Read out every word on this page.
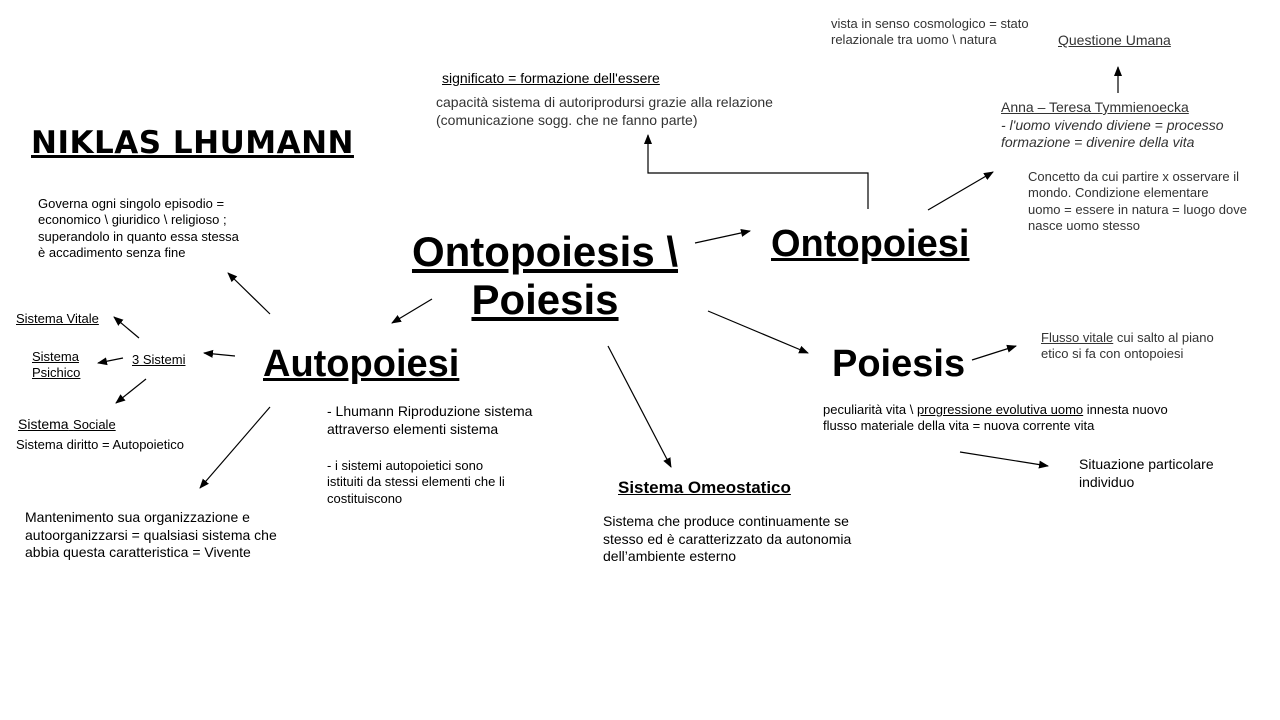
NIKLAS LHUMANN
Ontopoiesis \
Poiesis
Ontopoiesi
vista in senso cosmologico = stato
relazionale tra uomo \ natura	Questione Umana
Anna – Teresa Tymmienoecka
- l'uomo vivendo diviene = processo
formazione = divenire della vita
Concetto da cui partire x osservare il
mondo. Condizione elementare
uomo = essere in natura = luogo dove
nasce uomo stesso
significato = formazione dell'essere
capacità sistema di autoriprodursi grazie alla relazione
(comunicazione sogg. che ne fanno parte)
Autopoiesi
Governa ogni singolo episodio =
economico \ giuridico \ religioso ;
superandolo in quanto essa stessa
è accadimento senza fine
3 Sistemi
Sistema Vitale
Sistema
Psichico
Sistema Sociale
Sistema diritto = Autopoietico
- Lhumann Riproduzione sistema
attraverso elementi sistema
- i sistemi autopoietici sono
istituiti da stessi elementi che li
costituiscono
Mantenimento sua organizzazione e
autoorganizzarsi = qualsiasi sistema che
abbia questa caratteristica = Vivente
Sistema Omeostatico
Sistema che produce continuamente se
stesso ed è caratterizzato da autonomia
dell’ambiente esterno
Poiesis
Flusso vitale cui salto al piano
etico si fa con ontopoiesi
peculiarità vita \ progressione evolutiva uomo innesta nuovo
flusso materiale della vita = nuova corrente vita
Situazione particolare
individuo
